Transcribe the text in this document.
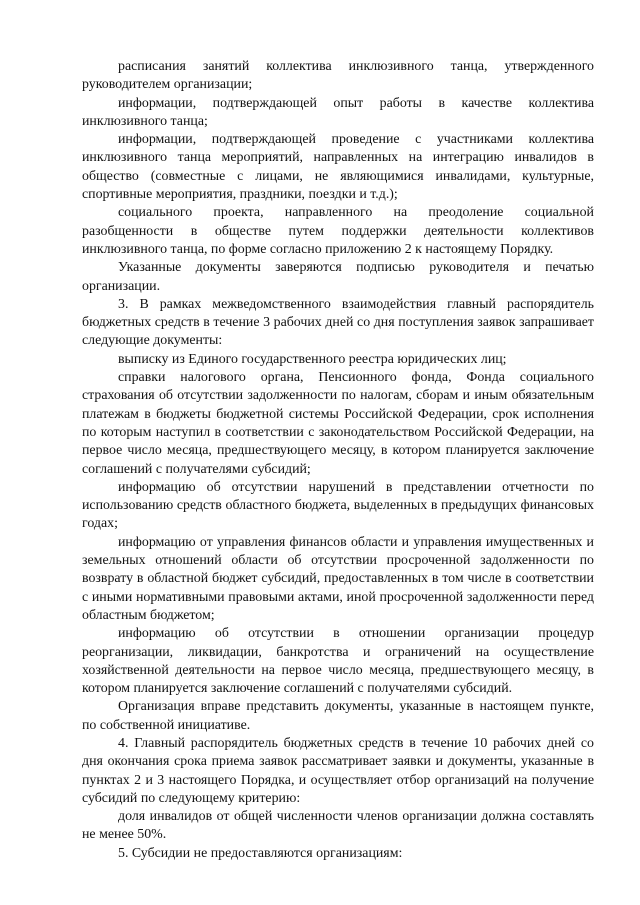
расписания занятий коллектива инклюзивного танца, утвержденного руководителем организации;

информации, подтверждающей опыт работы в качестве коллектива инклюзивного танца;

информации, подтверждающей проведение с участниками коллектива инклюзивного танца мероприятий, направленных на интеграцию инвалидов в общество (совместные с лицами, не являющимися инвалидами, культурные, спортивные мероприятия, праздники, поездки и т.д.);

социального проекта, направленного на преодоление социальной разобщенности в обществе путем поддержки деятельности коллективов инклюзивного танца, по форме согласно приложению 2 к настоящему Порядку.

Указанные документы заверяются подписью руководителя и печатью организации.

3. В рамках межведомственного взаимодействия главный распорядитель бюджетных средств в течение 3 рабочих дней со дня поступления заявок запрашивает следующие документы:

выписку из Единого государственного реестра юридических лиц;

справки налогового органа, Пенсионного фонда, Фонда социального страхования об отсутствии задолженности по налогам, сборам и иным обязательным платежам в бюджеты бюджетной системы Российской Федерации, срок исполнения по которым наступил в соответствии с законодательством Российской Федерации, на первое число месяца, предшествующего месяцу, в котором планируется заключение соглашений с получателями субсидий;

информацию об отсутствии нарушений в представлении отчетности по использованию средств областного бюджета, выделенных в предыдущих финансовых годах;

информацию от управления финансов области и управления имущественных и земельных отношений области об отсутствии просроченной задолженности по возврату в областной бюджет субсидий, предоставленных в том числе в соответствии с иными нормативными правовыми актами, иной просроченной задолженности перед областным бюджетом;

информацию об отсутствии в отношении организации процедур реорганизации, ликвидации, банкротства и ограничений на осуществление хозяйственной деятельности на первое число месяца, предшествующего месяцу, в котором планируется заключение соглашений с получателями субсидий.

Организация вправе представить документы, указанные в настоящем пункте, по собственной инициативе.

4. Главный распорядитель бюджетных средств в течение 10 рабочих дней со дня окончания срока приема заявок рассматривает заявки и документы, указанные в пунктах 2 и 3 настоящего Порядка, и осуществляет отбор организаций на получение субсидий по следующему критерию:

доля инвалидов от общей численности членов организации должна составлять не менее 50%.

5. Субсидии не предоставляются организациям:
